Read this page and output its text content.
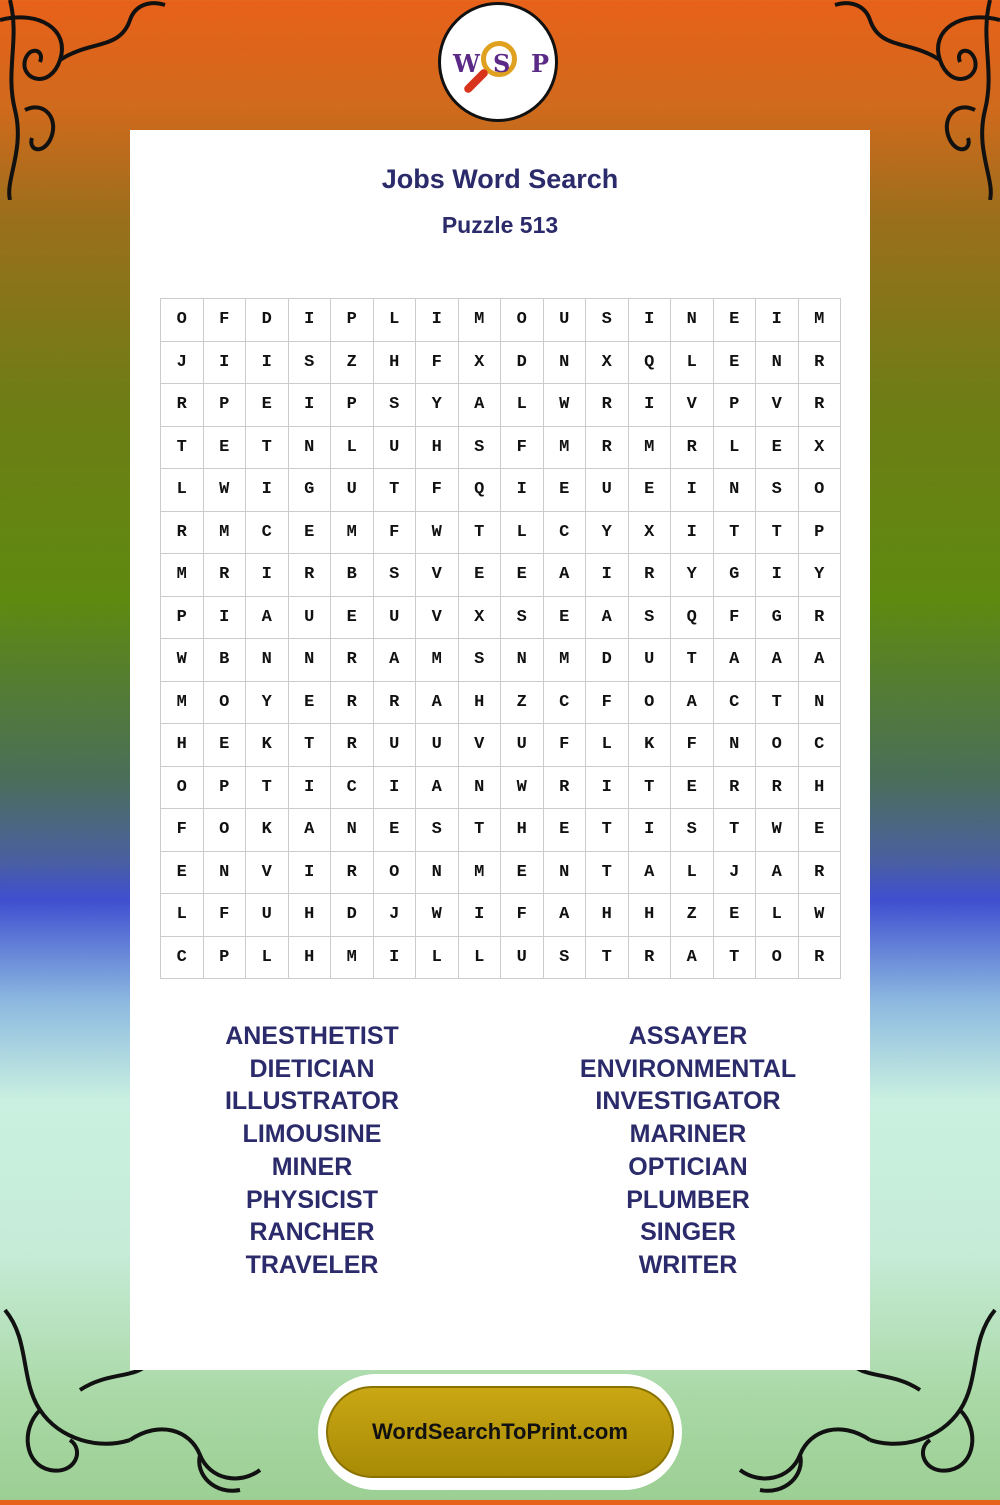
W S P
Jobs Word Search
Puzzle 513
O	F	D	I	P	L	I	M	O	U	S	I	N	E	I	M
J	I	I	S	Z	H	F	X	D	N	X	Q	L	E	N	R
R	P	E	I	P	S	Y	A	L	W	R	I	V	P	V	R
T	E	T	N	L	U	H	S	F	M	R	M	R	L	E	X
L	W	I	G	U	T	F	Q	I	E	U	E	I	N	S	O
R	M	C	E	M	F	W	T	L	C	Y	X	I	T	T	P
M	R	I	R	B	S	V	E	E	A	I	R	Y	G	I	Y
P	I	A	U	E	U	V	X	S	E	A	S	Q	F	G	R
W	B	N	N	R	A	M	S	N	M	D	U	T	A	A	A
M	O	Y	E	R	R	A	H	Z	C	F	O	A	C	T	N
H	E	K	T	R	U	U	V	U	F	L	K	F	N	O	C
O	P	T	I	C	I	A	N	W	R	I	T	E	R	R	H
F	O	K	A	N	E	S	T	H	E	T	I	S	T	W	E
E	N	V	I	R	O	N	M	E	N	T	A	L	J	A	R
L	F	U	H	D	J	W	I	F	A	H	H	Z	E	L	W
C	P	L	H	M	I	L	L	U	S	T	R	A	T	O	R
ANESTHETIST
DIETICIAN
ILLUSTRATOR
LIMOUSINE
MINER
PHYSICIST
RANCHER
TRAVELER
ASSAYER
ENVIRONMENTAL
INVESTIGATOR
MARINER
OPTICIAN
PLUMBER
SINGER
WRITER
WordSearchToPrint.com
